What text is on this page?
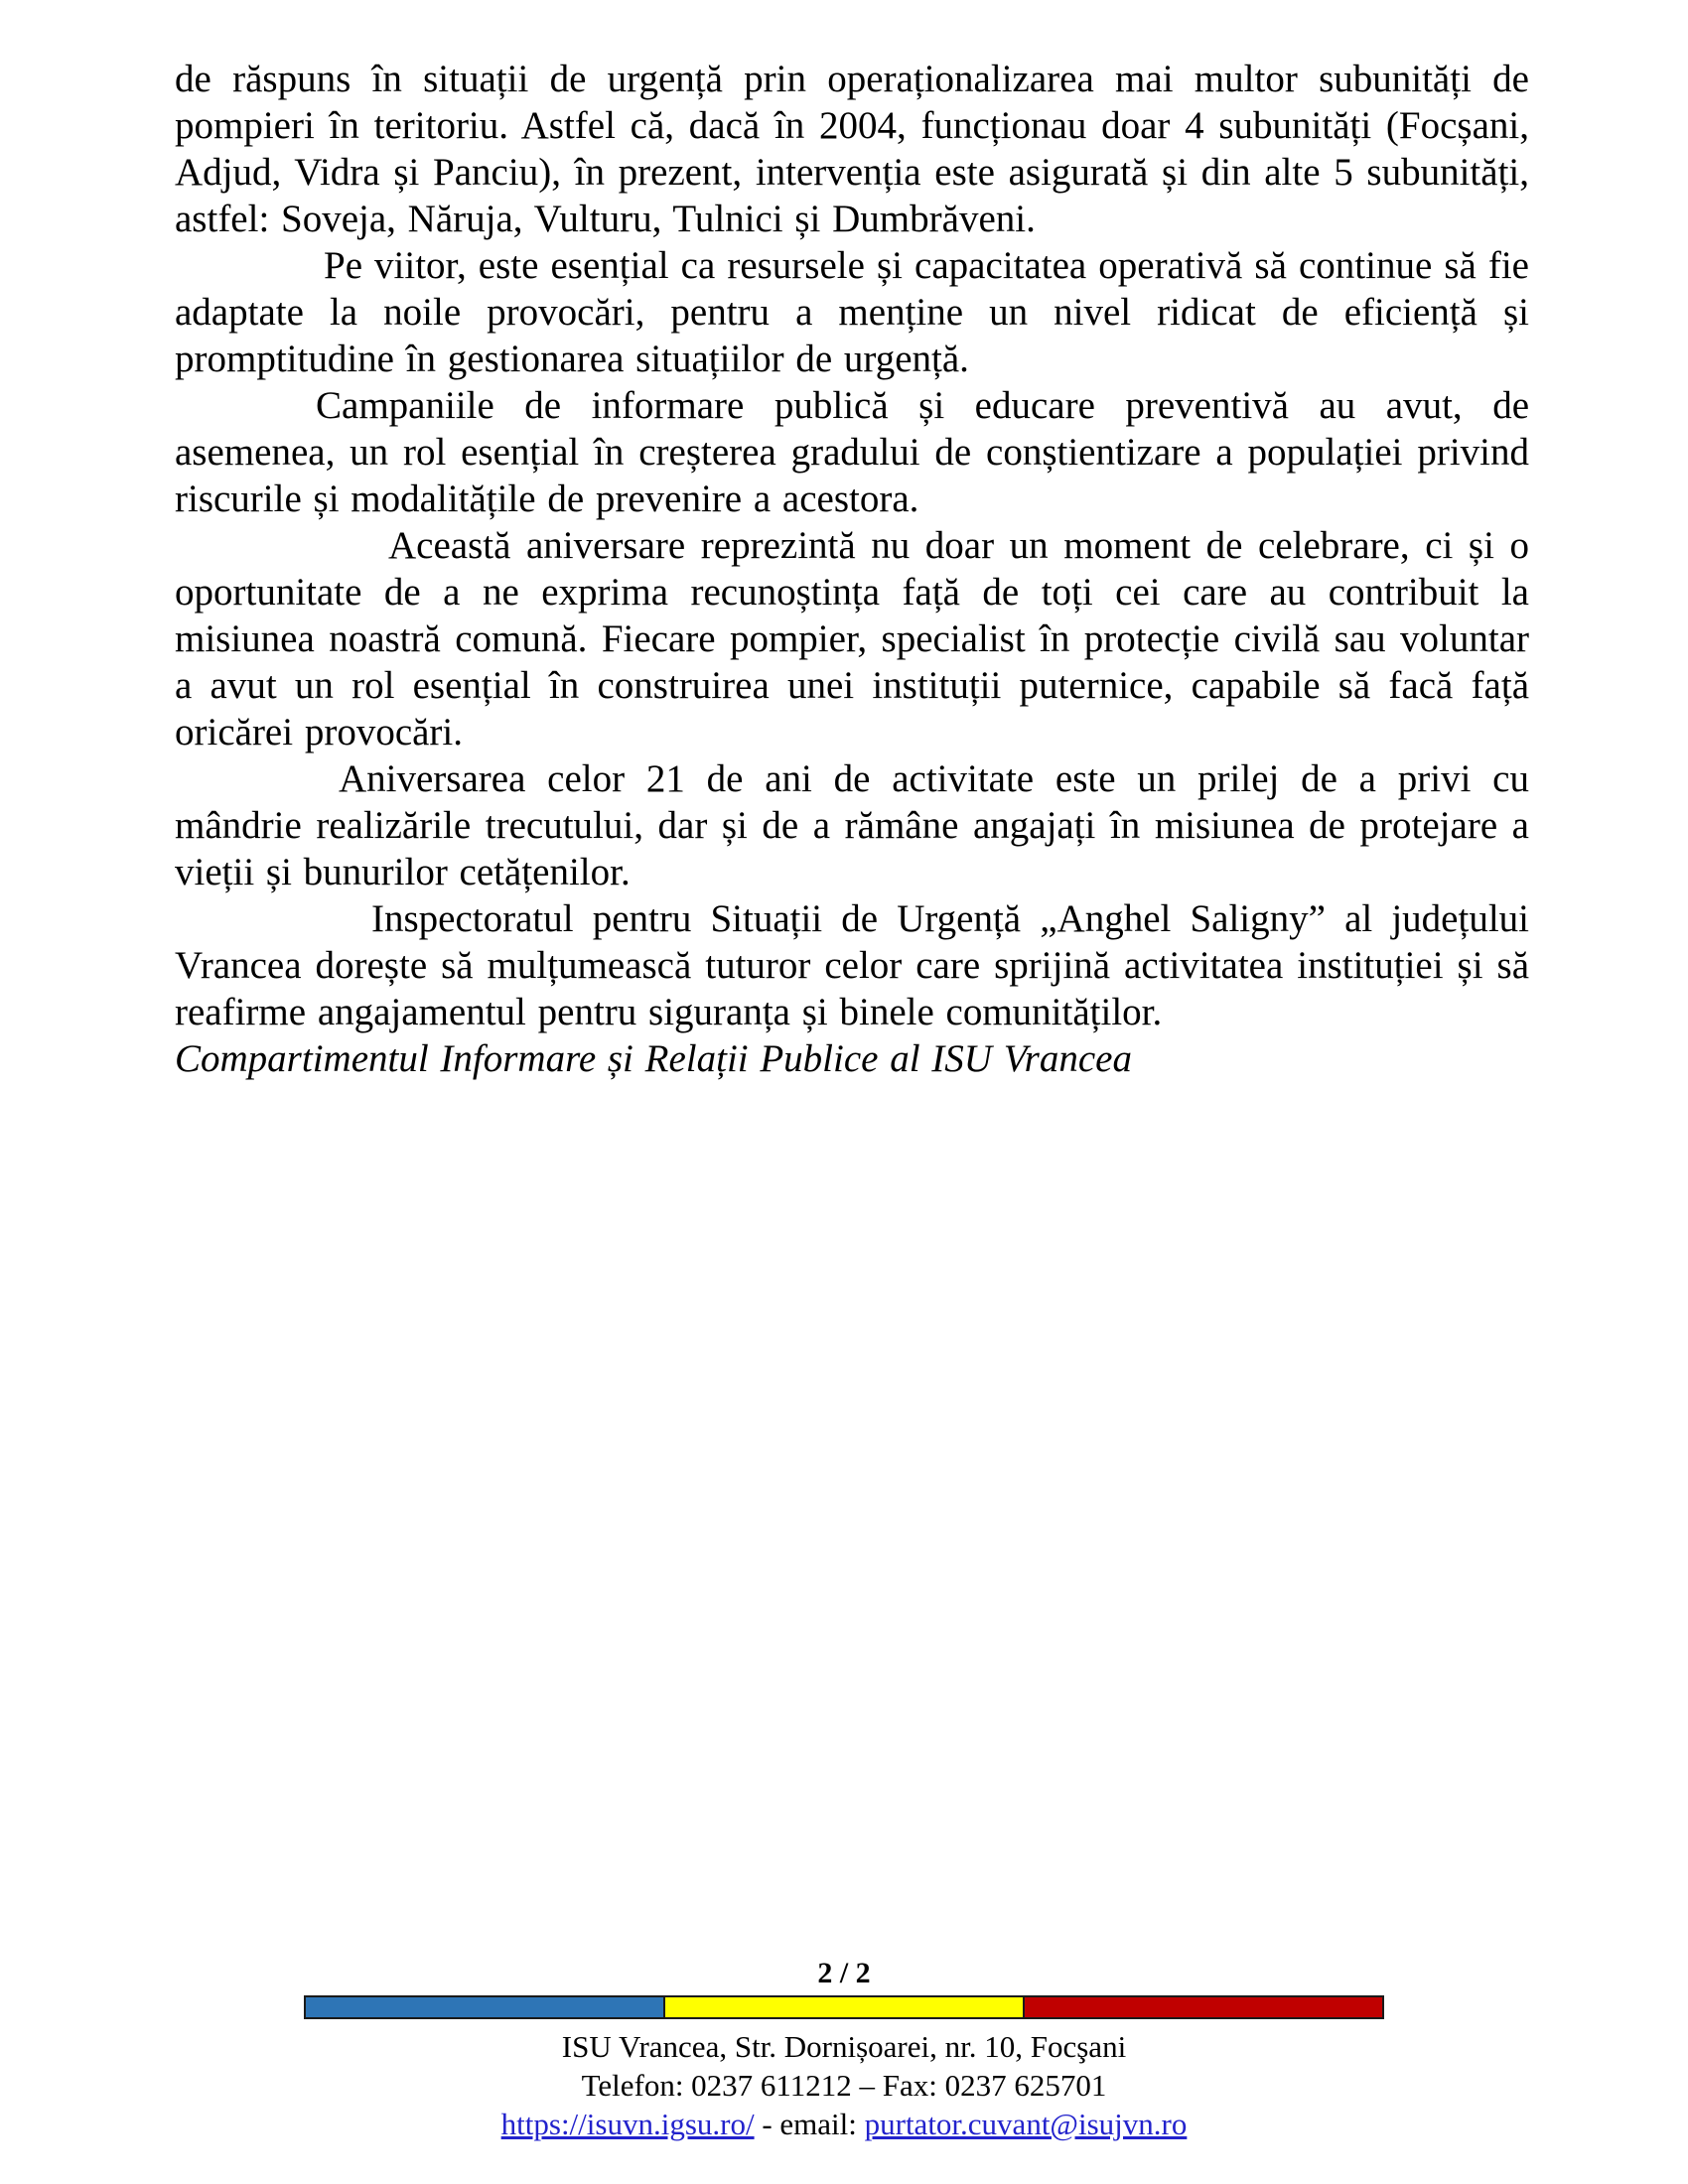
de răspuns în situații de urgență prin operaționalizarea mai multor subunități de pompieri în teritoriu. Astfel că, dacă în 2004, funcționau doar 4 subunități (Focșani, Adjud, Vidra și Panciu), în prezent, intervenția este asigurată și din alte 5 subunități, astfel: Soveja, Năruja, Vulturu, Tulnici și Dumbrăveni.

Pe viitor, este esențial ca resursele și capacitatea operativă să continue să fie adaptate la noile provocări, pentru a menține un nivel ridicat de eficiență și promptitudine în gestionarea situațiilor de urgență.

Campaniile de informare publică și educare preventivă au avut, de asemenea, un rol esențial în creșterea gradului de conștientizare a populației privind riscurile și modalitățile de prevenire a acestora.

Această aniversare reprezintă nu doar un moment de celebrare, ci și o oportunitate de a ne exprima recunoștința față de toți cei care au contribuit la misiunea noastră comună. Fiecare pompier, specialist în protecție civilă sau voluntar a avut un rol esențial în construirea unei instituții puternice, capabile să facă față oricărei provocări.

Aniversarea celor 21 de ani de activitate este un prilej de a privi cu mândrie realizările trecutului, dar și de a rămâne angajați în misiunea de protejare a vieții și bunurilor cetățenilor.

Inspectoratul pentru Situații de Urgență „Anghel Saligny” al județului Vrancea dorește să mulțumească tuturor celor care sprijină activitatea instituției și să reafirme angajamentul pentru siguranța și binele comunităților.

Compartimentul Informare și Relații Publice al ISU Vrancea

2 / 2
ISU Vrancea, Str. Dornișoarei, nr. 10, Focşani
Telefon: 0237 611212 – Fax: 0237 625701
https://isuvn.igsu.ro/ - email: purtator.cuvant@isujvn.ro
